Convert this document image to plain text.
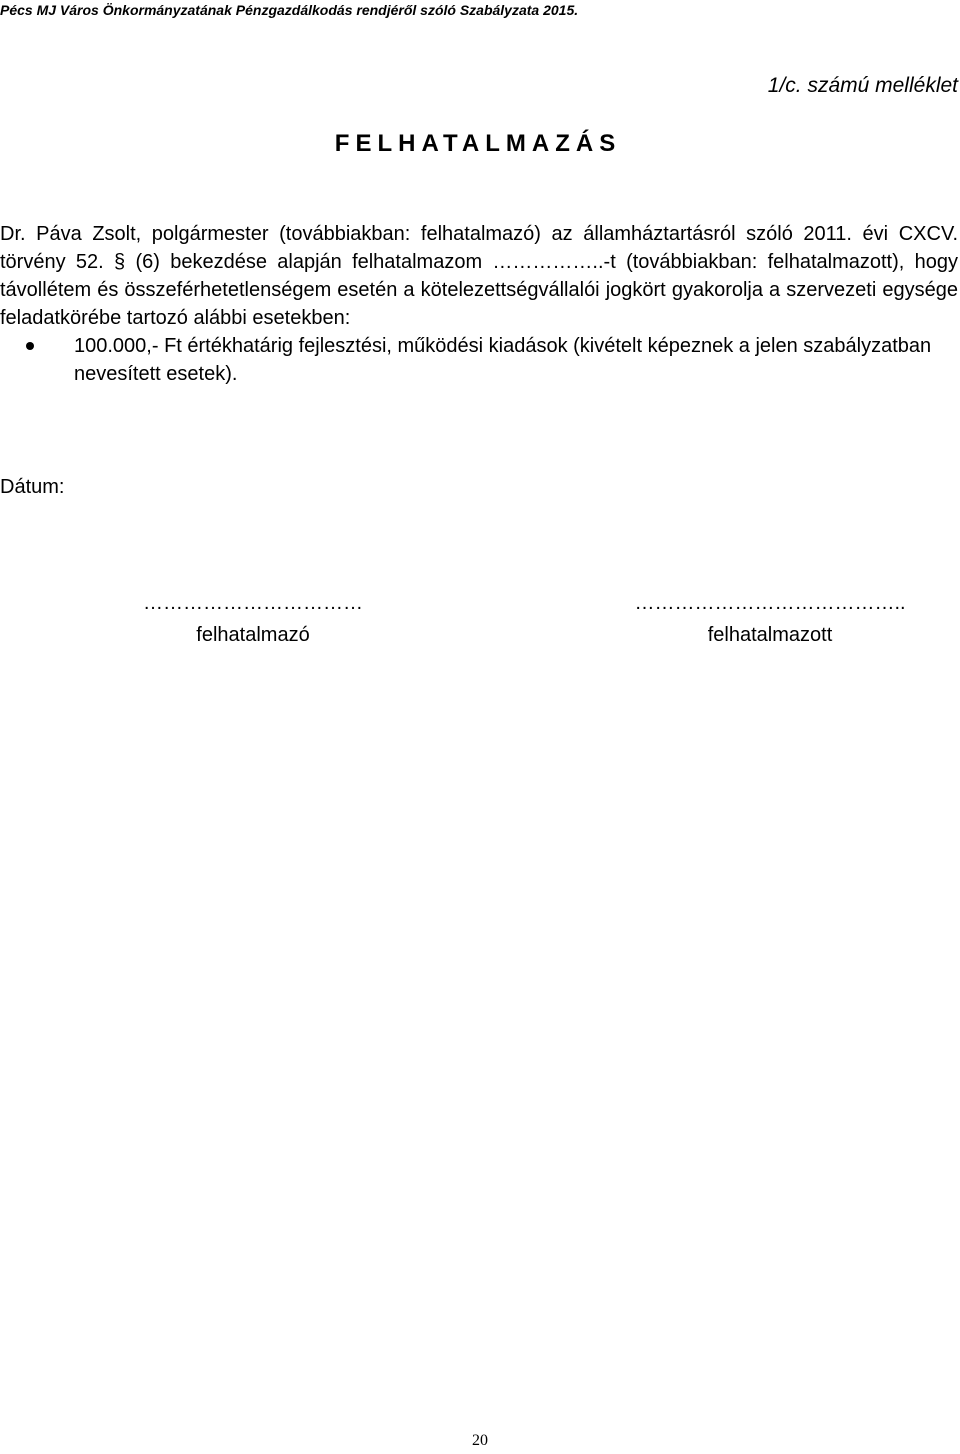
Pécs MJ Város Önkormányzatának Pénzgazdálkodás rendjéről szóló Szabályzata 2015.
1/c. számú melléklet
FELHATALMAZÁS

Dr. Páva Zsolt, polgármester (továbbiakban: felhatalmazó) az államháztartásról szóló 2011. évi CXCV. törvény 52. § (6) bekezdése alapján felhatalmazom ……………..-t (továbbiakban: felhatalmazott), hogy távollétem és összeférhetetlenségem esetén a kötelezettségvállalói jogkört gyakorolja a szervezeti egysége feladatkörébe tartozó alábbi esetekben:

100.000,- Ft értékhatárig fejlesztési, működési kiadások (kivételt képeznek a jelen szabályzatban nevesített esetek).
Dátum:
……………………………
felhatalmazó
…………………………………..
felhatalmazott
20
